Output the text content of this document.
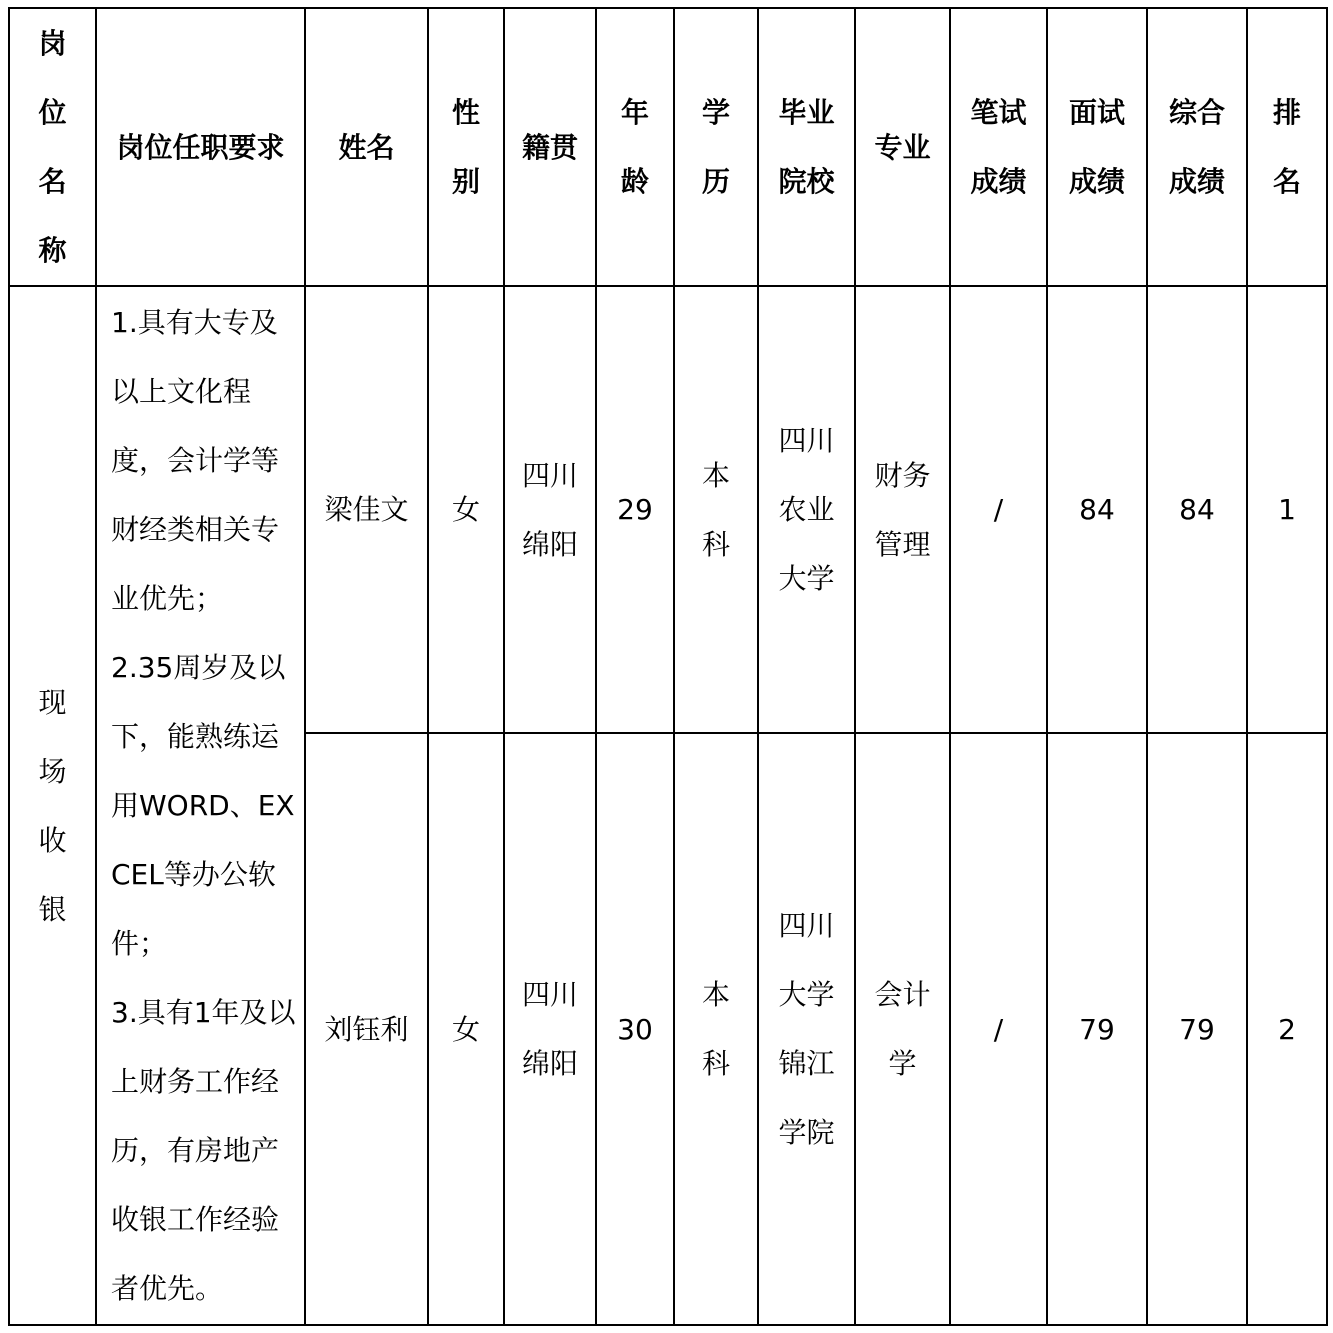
岗位名称	岗位任职要求	姓名	性别	籍贯	年龄	学历	毕业院校	专业	笔试成绩	面试成绩	综合成绩	排名
现场收银	1.具有大专及以上文化程度，会计学等财经类相关专业优先；
2.35周岁及以下，能熟练运用WORD、EXCEL等办公软件；
3.具有1年及以上财务工作经历，有房地产收银工作经验者优先。	梁佳文	女	四川绵阳	29	本科	四川农业大学	财务管理	/	84	84	1
		刘钰利	女	四川绵阳	30	本科	四川大学锦江学院	会计学	/	79	79	2
